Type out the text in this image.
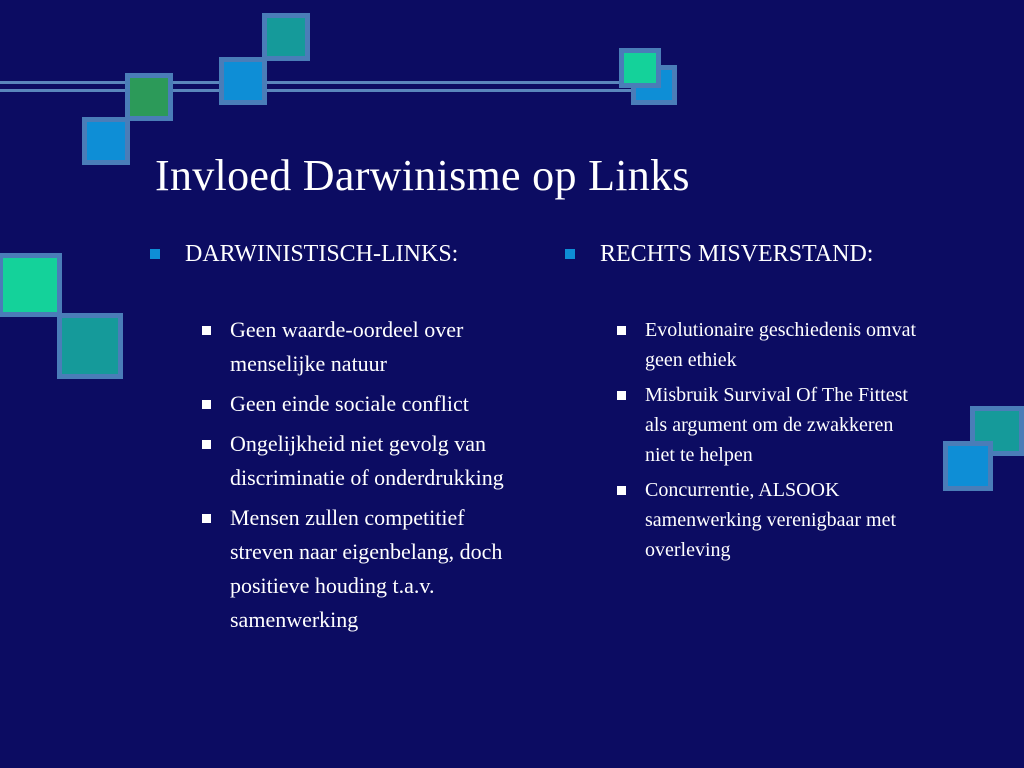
Invloed Darwinisme op Links
DARWINISTISCH-LINKS:
Geen waarde-oordeel over menselijke natuur
Geen einde sociale conflict
Ongelijkheid niet gevolg van discriminatie of onderdrukking
Mensen zullen competitief streven naar eigenbelang, doch positieve houding t.a.v. samenwerking
RECHTS MISVERSTAND:
Evolutionaire geschiedenis omvat geen ethiek
Misbruik Survival Of The Fittest als argument om de zwakkeren niet te helpen
Concurrentie, ALSOOK samenwerking verenigbaar met overleving
